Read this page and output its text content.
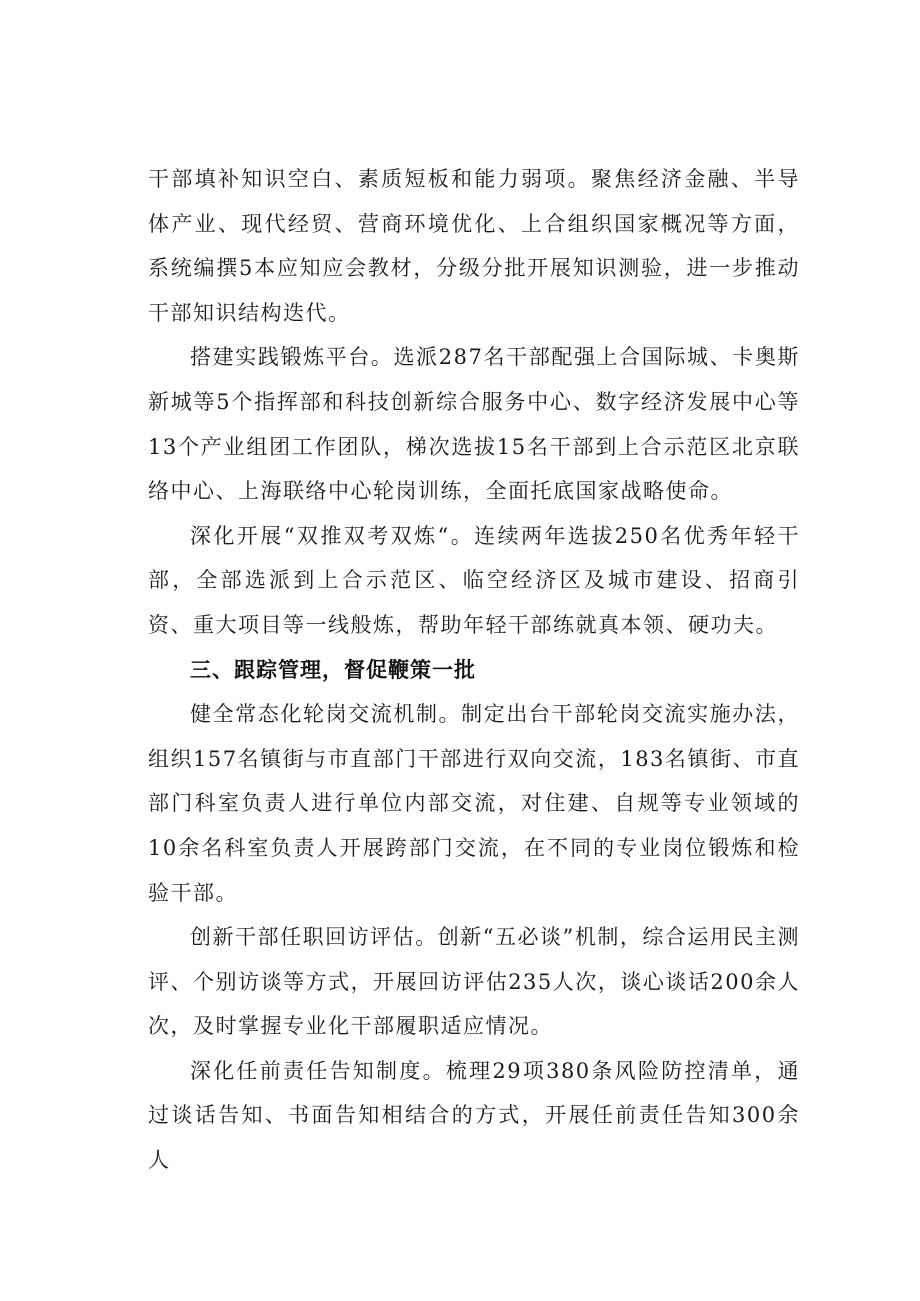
干部填补知识空白、素质短板和能力弱项。聚焦经济金融、半导体产业、现代经贸、营商环境优化、上合组织国家概况等方面，系统编撰5本应知应会教材，分级分批开展知识测验，进一步推动干部知识结构迭代。

搭建实践锻炼平台。选派287名干部配强上合国际城、卡奥斯新城等5个指挥部和科技创新综合服务中心、数字经济发展中心等13个产业组团工作团队，梯次选拔15名干部到上合示范区北京联络中心、上海联络中心轮岗训练，全面托底国家战略使命。

深化开展“双推双考双炼“。连续两年选拔250名优秀年轻干部，全部选派到上合示范区、临空经济区及城市建设、招商引资、重大项目等一线般炼，帮助年轻干部练就真本领、硬功夫。

三、跟踪管理，督促鞭策一批

健全常态化轮岗交流机制。制定出台干部轮岗交流实施办法，组织157名镇街与市直部门干部进行双向交流，183名镇街、市直部门科室负责人进行单位内部交流，对住建、自规等专业领域的10余名科室负责人开展跨部门交流，在不同的专业岗位锻炼和检验干部。

创新干部任职回访评估。创新“五必谈”机制，综合运用民主测评、个别访谈等方式，开展回访评估235人次，谈心谈话200余人次，及时掌握专业化干部履职适应情况。

深化任前责任告知制度。梳理29项380条风险防控清单，通过谈话告知、书面告知相结合的方式，开展任前责任告知300余人
